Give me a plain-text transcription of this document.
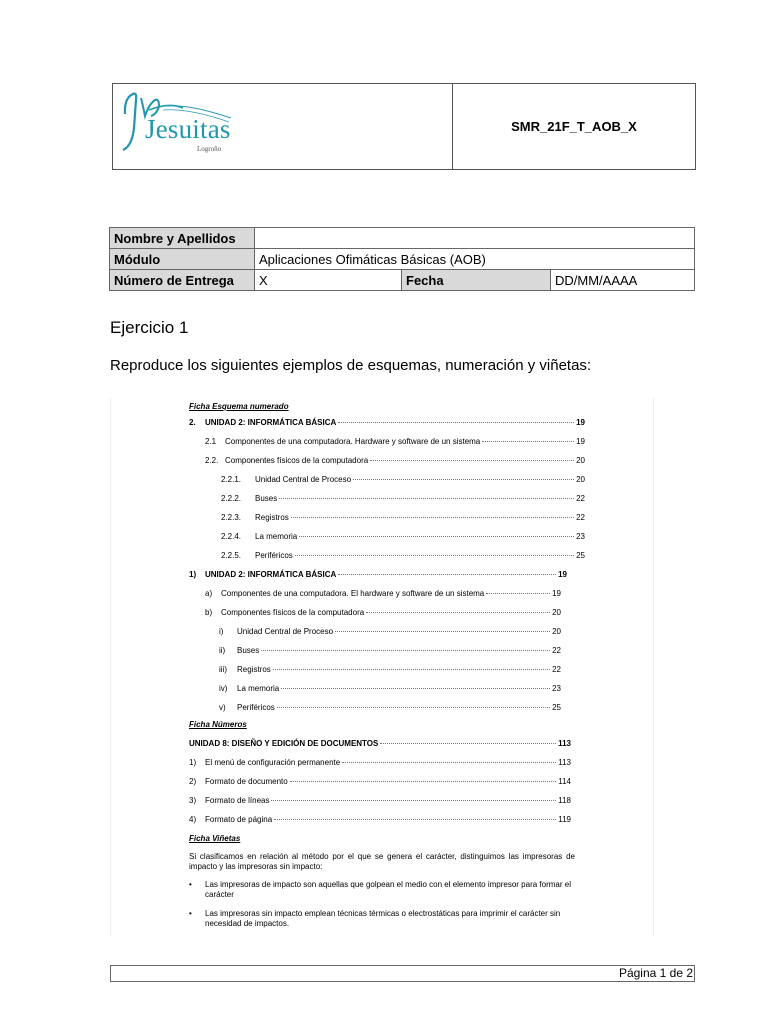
Jesuitas
Logroño
SMR_21F_T_AOB_X
Nombre y Apellidos			
Módulo	Aplicaciones Ofimáticas Básicas (AOB)		
Número de Entrega	X	Fecha	DD/MM/AAAA
Ejercicio 1
Reproduce los siguientes ejemplos de esquemas, numeración y viñetas:
Ficha Esquema numerado
2.	UNIDAD 2: INFORMÁTICA BÁSICA	19
2.1	Componentes de una computadora. Hardware y software de un sistema	19
2.2. Componentes físicos de la computadora	20
2.2.1.	Unidad Central de Proceso	20
2.2.2.	Buses	22
2.2.3.	Registros	22
2.2.4.	La memoria	23
2.2.5.	Periféricos	25
1)	UNIDAD 2: INFORMÁTICA BÁSICA	19
a)	Componentes de una computadora. El hardware y software de un sistema	19
b)	Componentes físicos de la computadora	20
i)	Unidad Central de Proceso	20
ii)	Buses	22
iii)	Registros	22
iv)	La memoria	23
v)	Periféricos	25
Ficha Números
UNIDAD 8: DISEÑO Y EDICIÓN DE DOCUMENTOS	113
1)	El menú de configuración permanente	113
2)	Formato de documento	114
3)	Formato de líneas	118
4)	Formato de página	119
Ficha Viñetas
Si clasificamos en relación al método por el que se genera el carácter, distinguimos las impresoras de impacto y las impresoras sin impacto:
• Las impresoras de impacto son aquellas que golpean el medio con el elemento impresor para formar el carácter
• Las impresoras sin impacto emplean técnicas térmicas o electrostáticas para imprimir el carácter sin necesidad de impactos.
Página 1 de 2
